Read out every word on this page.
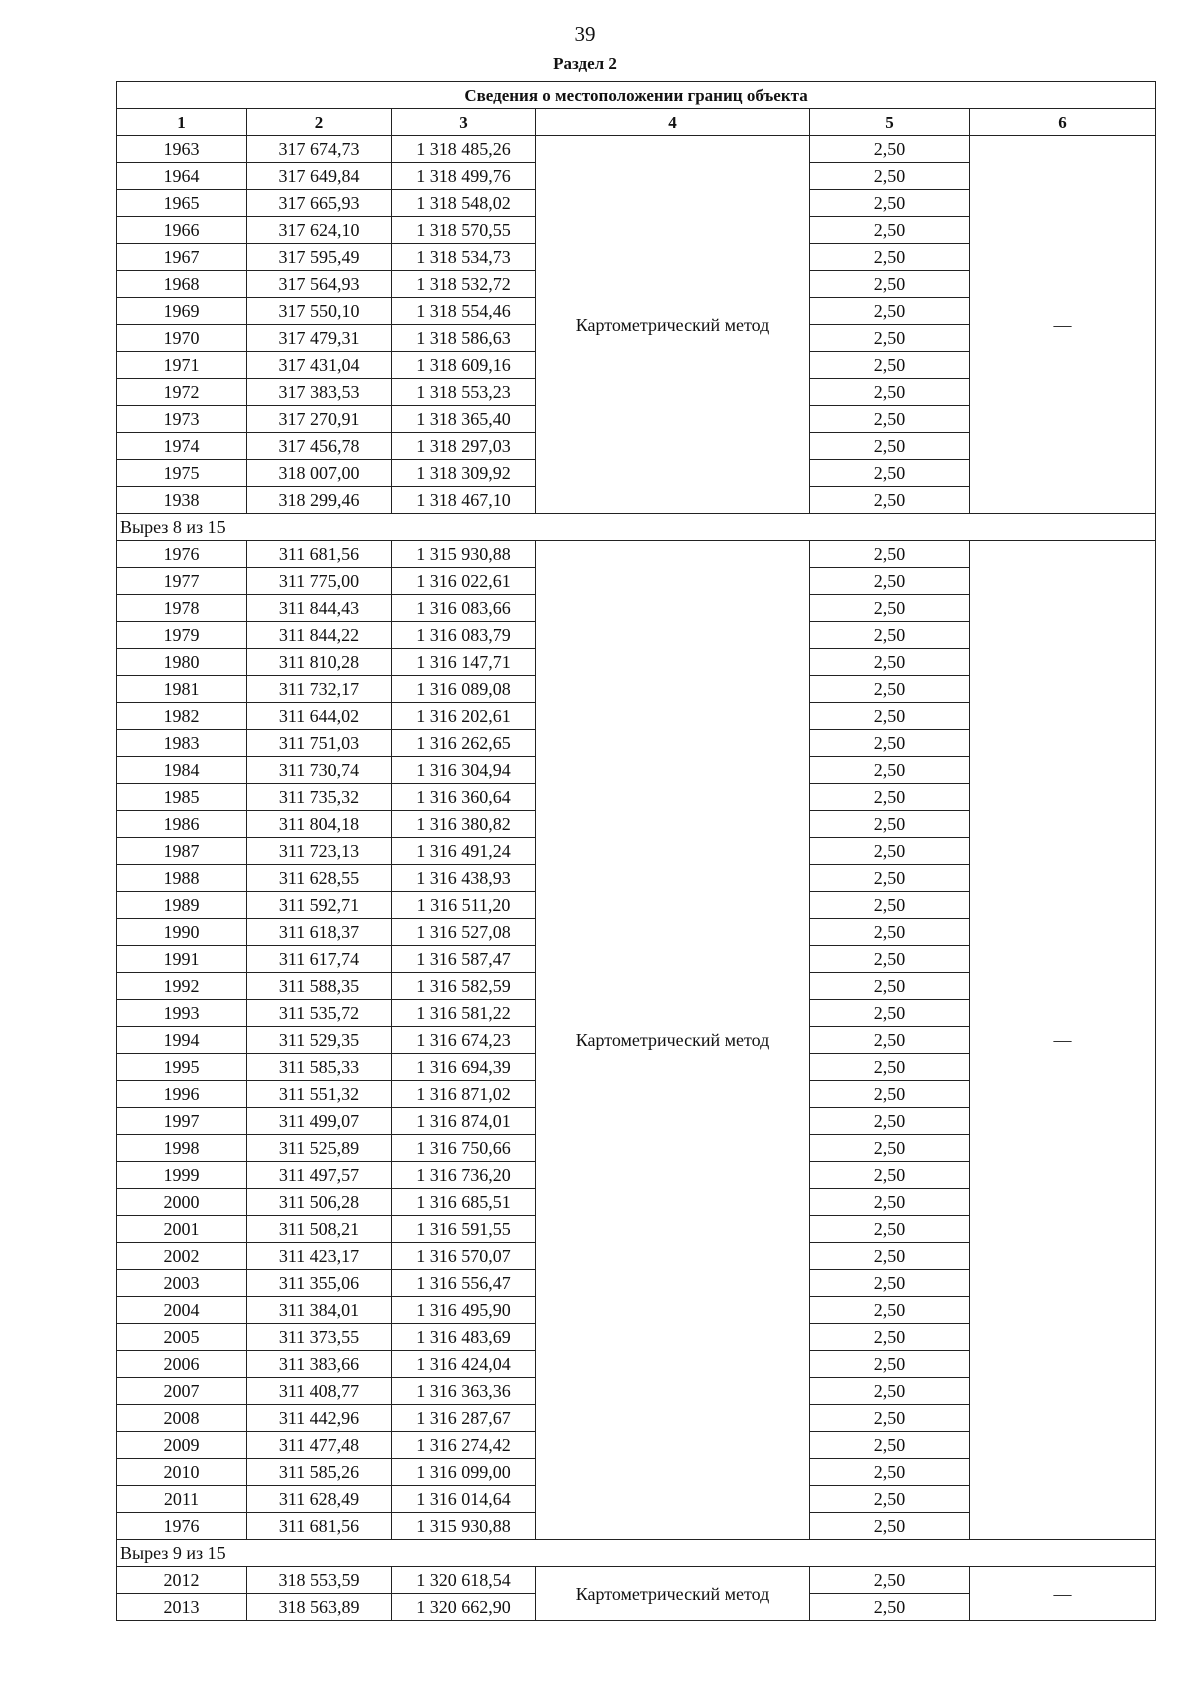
39
Раздел 2
Сведения о местоположении границ объекта					
1	2	3	4	5	6
1963	317 674,73	1 318 485,26	Картометрический метод	2,50	—
1964	317 649,84	1 318 499,76		2,50	
1965	317 665,93	1 318 548,02		2,50	
1966	317 624,10	1 318 570,55		2,50	
1967	317 595,49	1 318 534,73		2,50	
1968	317 564,93	1 318 532,72		2,50	
1969	317 550,10	1 318 554,46		2,50	
1970	317 479,31	1 318 586,63		2,50	
1971	317 431,04	1 318 609,16		2,50	
1972	317 383,53	1 318 553,23		2,50	
1973	317 270,91	1 318 365,40		2,50	
1974	317 456,78	1 318 297,03		2,50	
1975	318 007,00	1 318 309,92		2,50	
1938	318 299,46	1 318 467,10		2,50	
Вырез 8 из 15					
1976	311 681,56	1 315 930,88	Картометрический метод	2,50	—
1977	311 775,00	1 316 022,61		2,50	
1978	311 844,43	1 316 083,66		2,50	
1979	311 844,22	1 316 083,79		2,50	
1980	311 810,28	1 316 147,71		2,50	
1981	311 732,17	1 316 089,08		2,50	
1982	311 644,02	1 316 202,61		2,50	
1983	311 751,03	1 316 262,65		2,50	
1984	311 730,74	1 316 304,94		2,50	
1985	311 735,32	1 316 360,64		2,50	
1986	311 804,18	1 316 380,82		2,50	
1987	311 723,13	1 316 491,24		2,50	
1988	311 628,55	1 316 438,93		2,50	
1989	311 592,71	1 316 511,20		2,50	
1990	311 618,37	1 316 527,08		2,50	
1991	311 617,74	1 316 587,47		2,50	
1992	311 588,35	1 316 582,59		2,50	
1993	311 535,72	1 316 581,22		2,50	
1994	311 529,35	1 316 674,23		2,50	
1995	311 585,33	1 316 694,39		2,50	
1996	311 551,32	1 316 871,02		2,50	
1997	311 499,07	1 316 874,01		2,50	
1998	311 525,89	1 316 750,66		2,50	
1999	311 497,57	1 316 736,20		2,50	
2000	311 506,28	1 316 685,51		2,50	
2001	311 508,21	1 316 591,55		2,50	
2002	311 423,17	1 316 570,07		2,50	
2003	311 355,06	1 316 556,47		2,50	
2004	311 384,01	1 316 495,90		2,50	
2005	311 373,55	1 316 483,69		2,50	
2006	311 383,66	1 316 424,04		2,50	
2007	311 408,77	1 316 363,36		2,50	
2008	311 442,96	1 316 287,67		2,50	
2009	311 477,48	1 316 274,42		2,50	
2010	311 585,26	1 316 099,00		2,50	
2011	311 628,49	1 316 014,64		2,50	
1976	311 681,56	1 315 930,88		2,50	
Вырез 9 из 15					
2012	318 553,59	1 320 618,54	Картометрический метод	2,50	—
2013	318 563,89	1 320 662,90		2,50	
